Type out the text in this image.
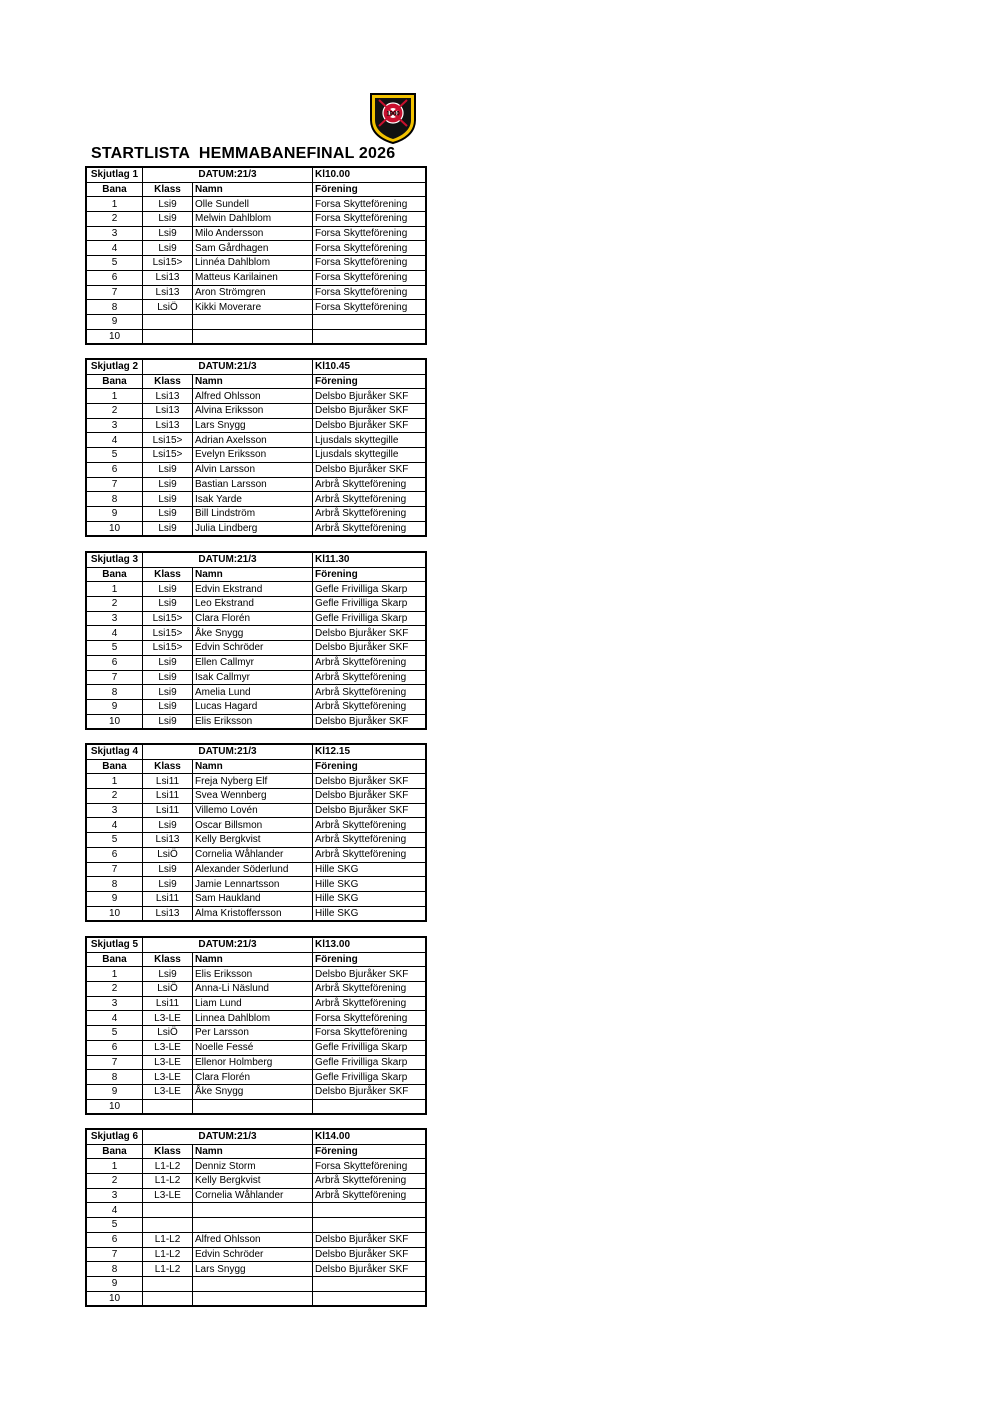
1900
STARTLISTA  HEMMABANEFINAL 2026
Skjutlag 1	DATUM:21/3		Kl10.00
Bana	Klass	Namn	Förening
1	Lsi9	Olle Sundell	Forsa Skytteförening
2	Lsi9	Melwin Dahlblom	Forsa Skytteförening
3	Lsi9	Milo Andersson	Forsa Skytteförening
4	Lsi9	Sam Gårdhagen	Forsa Skytteförening
5	Lsi15>	Linnéa Dahlblom	Forsa Skytteförening
6	Lsi13	Matteus Karilainen	Forsa Skytteförening
7	Lsi13	Aron Strömgren	Forsa Skytteförening
8	LsiÖ	Kikki Moverare	Forsa Skytteförening
9			
10			
Skjutlag 2	DATUM:21/3		Kl10.45
Bana	Klass	Namn	Förening
1	Lsi13	Alfred Ohlsson	Delsbo Bjuråker SKF
2	Lsi13	Alvina Eriksson	Delsbo Bjuråker SKF
3	Lsi13	Lars Snygg	Delsbo Bjuråker SKF
4	Lsi15>	Adrian Axelsson	Ljusdals skyttegille
5	Lsi15>	Evelyn Eriksson	Ljusdals skyttegille
6	Lsi9	Alvin Larsson	Delsbo Bjuråker SKF
7	Lsi9	Bastian Larsson	Arbrå Skytteförening
8	Lsi9	Isak Yarde	Arbrå Skytteförening
9	Lsi9	Bill Lindström	Arbrå Skytteförening
10	Lsi9	Julia Lindberg	Arbrå Skytteförening
Skjutlag 3	DATUM:21/3		Kl11.30
Bana	Klass	Namn	Förening
1	Lsi9	Edvin Ekstrand	Gefle Frivilliga Skarp
2	Lsi9	Leo Ekstrand	Gefle Frivilliga Skarp
3	Lsi15>	Clara Florén	Gefle Frivilliga Skarp
4	Lsi15>	Åke Snygg	Delsbo Bjuråker SKF
5	Lsi15>	Edvin Schröder	Delsbo Bjuråker SKF
6	Lsi9	Ellen Callmyr	Arbrå Skytteförening
7	Lsi9	Isak Callmyr	Arbrå Skytteförening
8	Lsi9	Amelia Lund	Arbrå Skytteförening
9	Lsi9	Lucas Hagard	Arbrå Skytteförening
10	Lsi9	Elis Eriksson	Delsbo Bjuråker SKF
Skjutlag 4	DATUM:21/3		Kl12.15
Bana	Klass	Namn	Förening
1	Lsi11	Freja Nyberg Elf	Delsbo Bjuråker SKF
2	Lsi11	Svea Wennberg	Delsbo Bjuråker SKF
3	Lsi11	Villemo Lovén	Delsbo Bjuråker SKF
4	Lsi9	Oscar Billsmon	Arbrå Skytteförening
5	Lsi13	Kelly Bergkvist	Arbrå Skytteförening
6	LsiÖ	Cornelia Wåhlander	Arbrå Skytteförening
7	Lsi9	Alexander Söderlund	Hille SKG
8	Lsi9	Jamie Lennartsson	Hille SKG
9	Lsi11	Sam Haukland	Hille SKG
10	Lsi13	Alma Kristoffersson	Hille SKG
Skjutlag 5	DATUM:21/3		Kl13.00
Bana	Klass	Namn	Förening
1	Lsi9	Elis Eriksson	Delsbo Bjuråker SKF
2	LsiÖ	Anna-Li Näslund	Arbrå Skytteförening
3	Lsi11	Liam Lund	Arbrå Skytteförening
4	L3-LE	Linnea Dahlblom	Forsa Skytteförening
5	LsiÖ	Per Larsson	Forsa Skytteförening
6	L3-LE	Noelle Fessé	Gefle Frivilliga Skarp
7	L3-LE	Ellenor Holmberg	Gefle Frivilliga Skarp
8	L3-LE	Clara Florén	Gefle Frivilliga Skarp
9	L3-LE	Åke Snygg	Delsbo Bjuråker SKF
10			
Skjutlag 6	DATUM:21/3		Kl14.00
Bana	Klass	Namn	Förening
1	L1-L2	Denniz Storm	Forsa Skytteförening
2	L1-L2	Kelly Bergkvist	Arbrå Skytteförening
3	L3-LE	Cornelia Wåhlander	Arbrå Skytteförening
4			
5			
6	L1-L2	Alfred Ohlsson	Delsbo Bjuråker SKF
7	L1-L2	Edvin Schröder	Delsbo Bjuråker SKF
8	L1-L2	Lars Snygg	Delsbo Bjuråker SKF
9			
10			
